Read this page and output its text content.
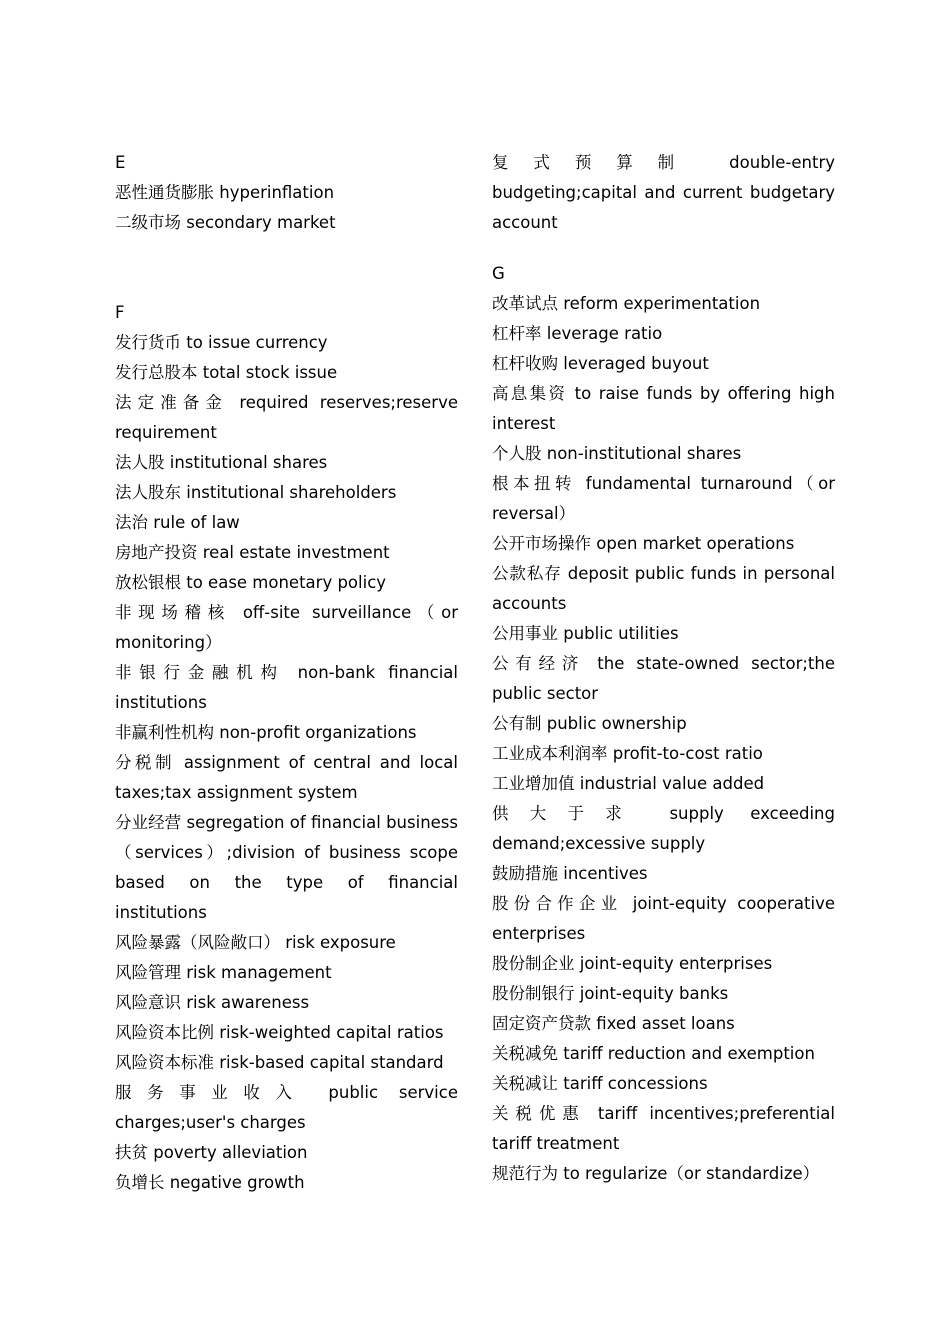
E
恶性通货膨胀 hyperinflation
二级市场 secondary market
F
发行货币 to issue currency
发行总股本 total stock issue
法定准备金 required reserves;reserve requirement
法人股 institutional shares
法人股东 institutional shareholders
法治 rule of law
房地产投资 real estate investment
放松银根 to ease monetary policy
非现场稽核 off-site surveillance（or monitoring）
非银行金融机构 non-bank financial institutions
非赢利性机构 non-profit organizations
分税制 assignment of central and local taxes;tax assignment system
分业经营 segregation of financial business（services）;division of business scope based on the type of financial institutions
风险暴露（风险敞口） risk exposure
风险管理 risk management
风险意识 risk awareness
风险资本比例 risk-weighted capital ratios
风险资本标准 risk-based capital standard
服务事业收入 public service charges;user's charges
扶贫 poverty alleviation
负增长 negative growth
复式预算制 double-entry budgeting;capital and current budgetary account
G
改革试点 reform experimentation
杠杆率 leverage ratio
杠杆收购 leveraged buyout
高息集资 to raise funds by offering high interest
个人股 non-institutional shares
根本扭转 fundamental turnaround（or reversal）
公开市场操作 open market operations
公款私存 deposit public funds in personal accounts
公用事业 public utilities
公有经济 the state-owned sector;the public sector
公有制 public ownership
工业成本利润率 profit-to-cost ratio
工业增加值 industrial value added
供大于求 supply exceeding demand;excessive supply
鼓励措施 incentives
股份合作企业 joint-equity cooperative enterprises
股份制企业 joint-equity enterprises
股份制银行 joint-equity banks
固定资产贷款 fixed asset loans
关税减免 tariff reduction and exemption
关税减让 tariff concessions
关税优惠 tariff incentives;preferential tariff treatment
规范行为 to regularize（or standardize）
